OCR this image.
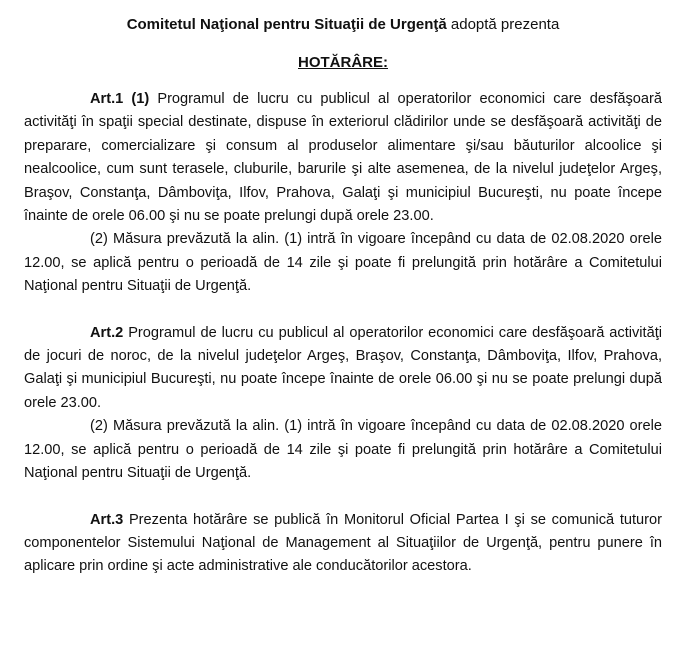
Comitetul Naţional pentru Situaţii de Urgenţă adoptă prezenta

HOTĂRÂRE:

Art.1 (1) Programul de lucru cu publicul al operatorilor economici care desfăşoară activităţi în spaţii special destinate, dispuse în exteriorul clădirilor unde se desfăşoară activităţi de preparare, comercializare şi consum al produselor alimentare şi/sau băuturilor alcoolice şi nealcoolice, cum sunt terasele, cluburile, barurile şi alte asemenea, de la nivelul judeţelor Argeş, Braşov, Constanţa, Dâmboviţa, Ilfov, Prahova, Galaţi şi municipiul Bucureşti, nu poate începe înainte de orele 06.00 şi nu se poate prelungi după orele 23.00.

(2) Măsura prevăzută la alin. (1) intră în vigoare începând cu data de 02.08.2020 orele 12.00, se aplică pentru o perioadă de 14 zile şi poate fi prelungită prin hotărâre a Comitetului Naţional pentru Situaţii de Urgenţă.

Art.2 Programul de lucru cu publicul al operatorilor economici care desfăşoară activităţi de jocuri de noroc, de la nivelul judeţelor Argeş, Braşov, Constanţa, Dâmboviţa, Ilfov, Prahova, Galaţi şi municipiul Bucureşti, nu poate începe înainte de orele 06.00 şi nu se poate prelungi după orele 23.00.

(2) Măsura prevăzută la alin. (1) intră în vigoare începând cu data de 02.08.2020 orele 12.00, se aplică pentru o perioadă de 14 zile şi poate fi prelungită prin hotărâre a Comitetului Naţional pentru Situaţii de Urgenţă.

Art.3 Prezenta hotărâre se publică în Monitorul Oficial Partea I şi se comunică tuturor componentelor Sistemului Naţional de Management al Situaţiilor de Urgenţă, pentru punere în aplicare prin ordine şi acte administrative ale conducătorilor acestora.
